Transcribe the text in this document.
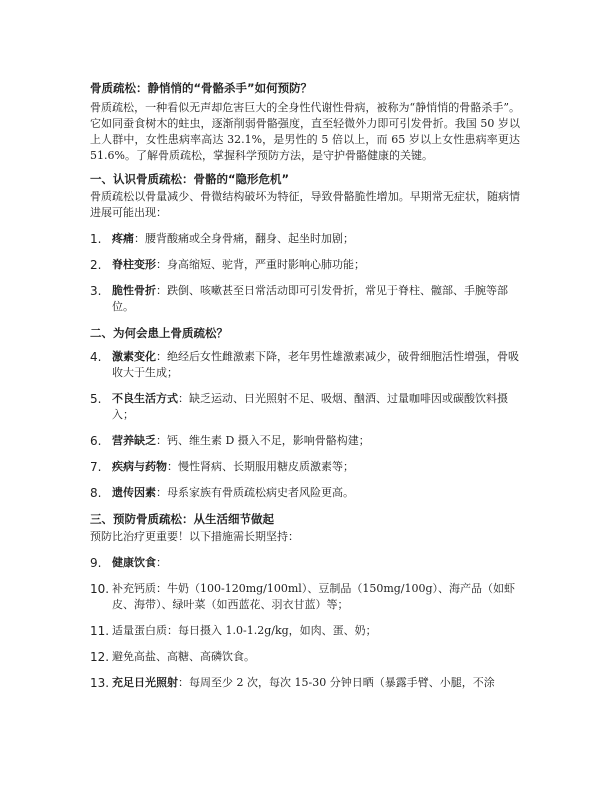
骨质疏松：静悄悄的“骨骼杀手”如何预防？

骨质疏松，一种看似无声却危害巨大的全身性代谢性骨病，被称为“静悄悄的骨骼杀手”。它如同蚕食树木的蛀虫，逐渐削弱骨骼强度，直至轻微外力即可引发骨折。我国 50 岁以上人群中，女性患病率高达 32.1%，是男性的 5 倍以上，而 65 岁以上女性患病率更达 51.6%。了解骨质疏松，掌握科学预防方法，是守护骨骼健康的关键。

一、认识骨质疏松：骨骼的“隐形危机”

骨质疏松以骨量减少、骨微结构破坏为特征，导致骨骼脆性增加。早期常无症状，随病情进展可能出现：

1. 疼痛：腰背酸痛或全身骨痛，翻身、起坐时加剧；
2. 脊柱变形：身高缩短、驼背，严重时影响心肺功能；
3. 脆性骨折：跌倒、咳嗽甚至日常活动即可引发骨折，常见于脊柱、髋部、手腕等部位。
二、为何会患上骨质疏松？
4. 激素变化：绝经后女性雌激素下降，老年男性雄激素减少，破骨细胞活性增强，骨吸收大于生成；
5. 不良生活方式：缺乏运动、日光照射不足、吸烟、酗酒、过量咖啡因或碳酸饮料摄入；
6. 营养缺乏：钙、维生素 D 摄入不足，影响骨骼构建；
7. 疾病与药物：慢性肾病、长期服用糖皮质激素等；
8. 遗传因素：母系家族有骨质疏松病史者风险更高。
三、预防骨质疏松：从生活细节做起

预防比治疗更重要！以下措施需长期坚持：

9. 健康饮食：
10. 补充钙质：牛奶（100-120mg/100ml）、豆制品（150mg/100g）、海产品（如虾皮、海带）、绿叶菜（如西蓝花、羽衣甘蓝）等；
11. 适量蛋白质：每日摄入 1.0-1.2g/kg，如肉、蛋、奶；
12. 避免高盐、高糖、高磷饮食。
13. 充足日光照射：每周至少 2 次，每次 15-30 分钟日晒（暴露手臂、小腿，不涂
